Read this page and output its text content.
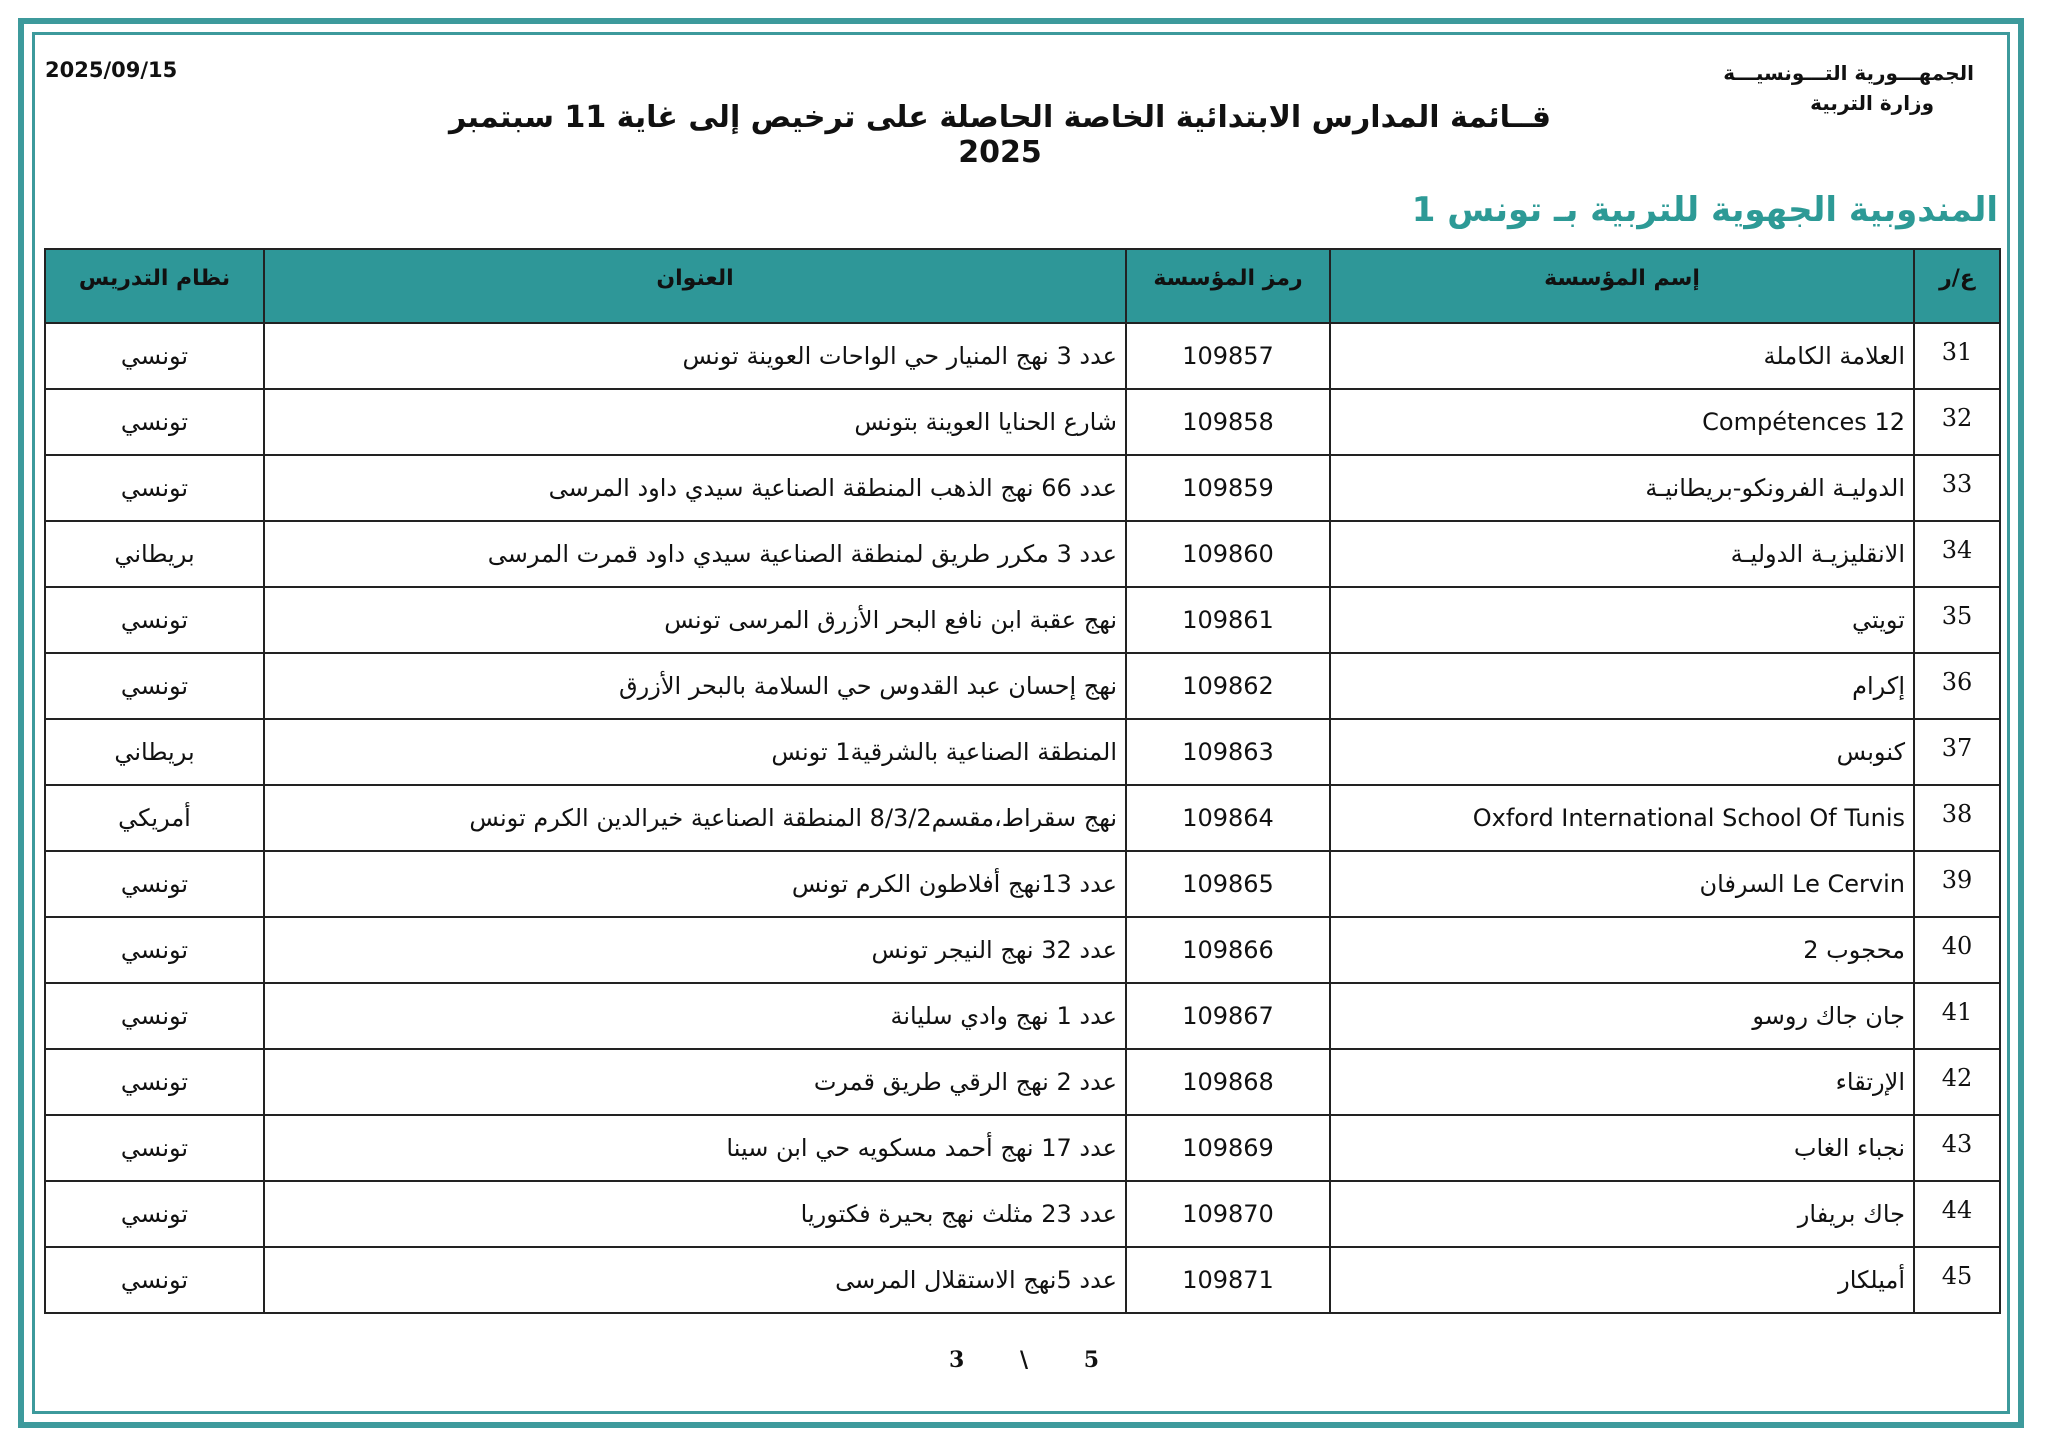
2025/09/15	الجمهـــورية التـــونسيـــة
وزارة التربية
قــائمة المدارس الابتدائية الخاصة الحاصلة على ترخيص إلى غاية 11 سبتمبر 2025
المندوبية الجهوية للتربية بـ تونس 1
ع/ر	إسم المؤسسة	رمز المؤسسة	العنوان	نظام التدريس
31	العلامة الكاملة	109857	عدد 3 نهج المنيار حي الواحات العوينة تونس	تونسي
32	12 Compétences	109858	شارع الحنايا العوينة بتونس	تونسي
33	الدوليـة الفرونكو-بريطانيـة	109859	عدد 66 نهج الذهب المنطقة الصناعية سيدي داود المرسى	تونسي
34	الانقليزيـة الدوليـة	109860	عدد 3 مكرر طريق لمنطقة الصناعية سيدي داود قمرت المرسى	بريطاني
35	تويتي	109861	نهج عقبة ابن نافع البحر الأزرق المرسى تونس	تونسي
36	إكرام	109862	نهج إحسان عبد القدوس حي السلامة بالبحر الأزرق	تونسي
37	كنوبس	109863	المنطقة الصناعية بالشرقية1 تونس	بريطاني
38	Oxford International School Of Tunis	109864	نهج سقراط،مقسم8/3/2 المنطقة الصناعية خيرالدين الكرم تونس	أمريكي
39	Le Cervin السرفان	109865	عدد 13نهج أفلاطون الكرم تونس	تونسي
40	محجوب 2	109866	عدد 32 نهج النيجر تونس	تونسي
41	جان جاك روسو	109867	عدد 1 نهج وادي سليانة	تونسي
42	الإرتقاء	109868	عدد 2 نهج الرقي طريق قمرت	تونسي
43	نجباء الغاب	109869	عدد 17 نهج أحمد مسكويه حي ابن سينا	تونسي
44	جاك بريفار	109870	عدد 23 مثلث نهج بحيرة فكتوريا	تونسي
45	أميلكار	109871	عدد 5نهج الاستقلال المرسى	تونسي
3	\	5
